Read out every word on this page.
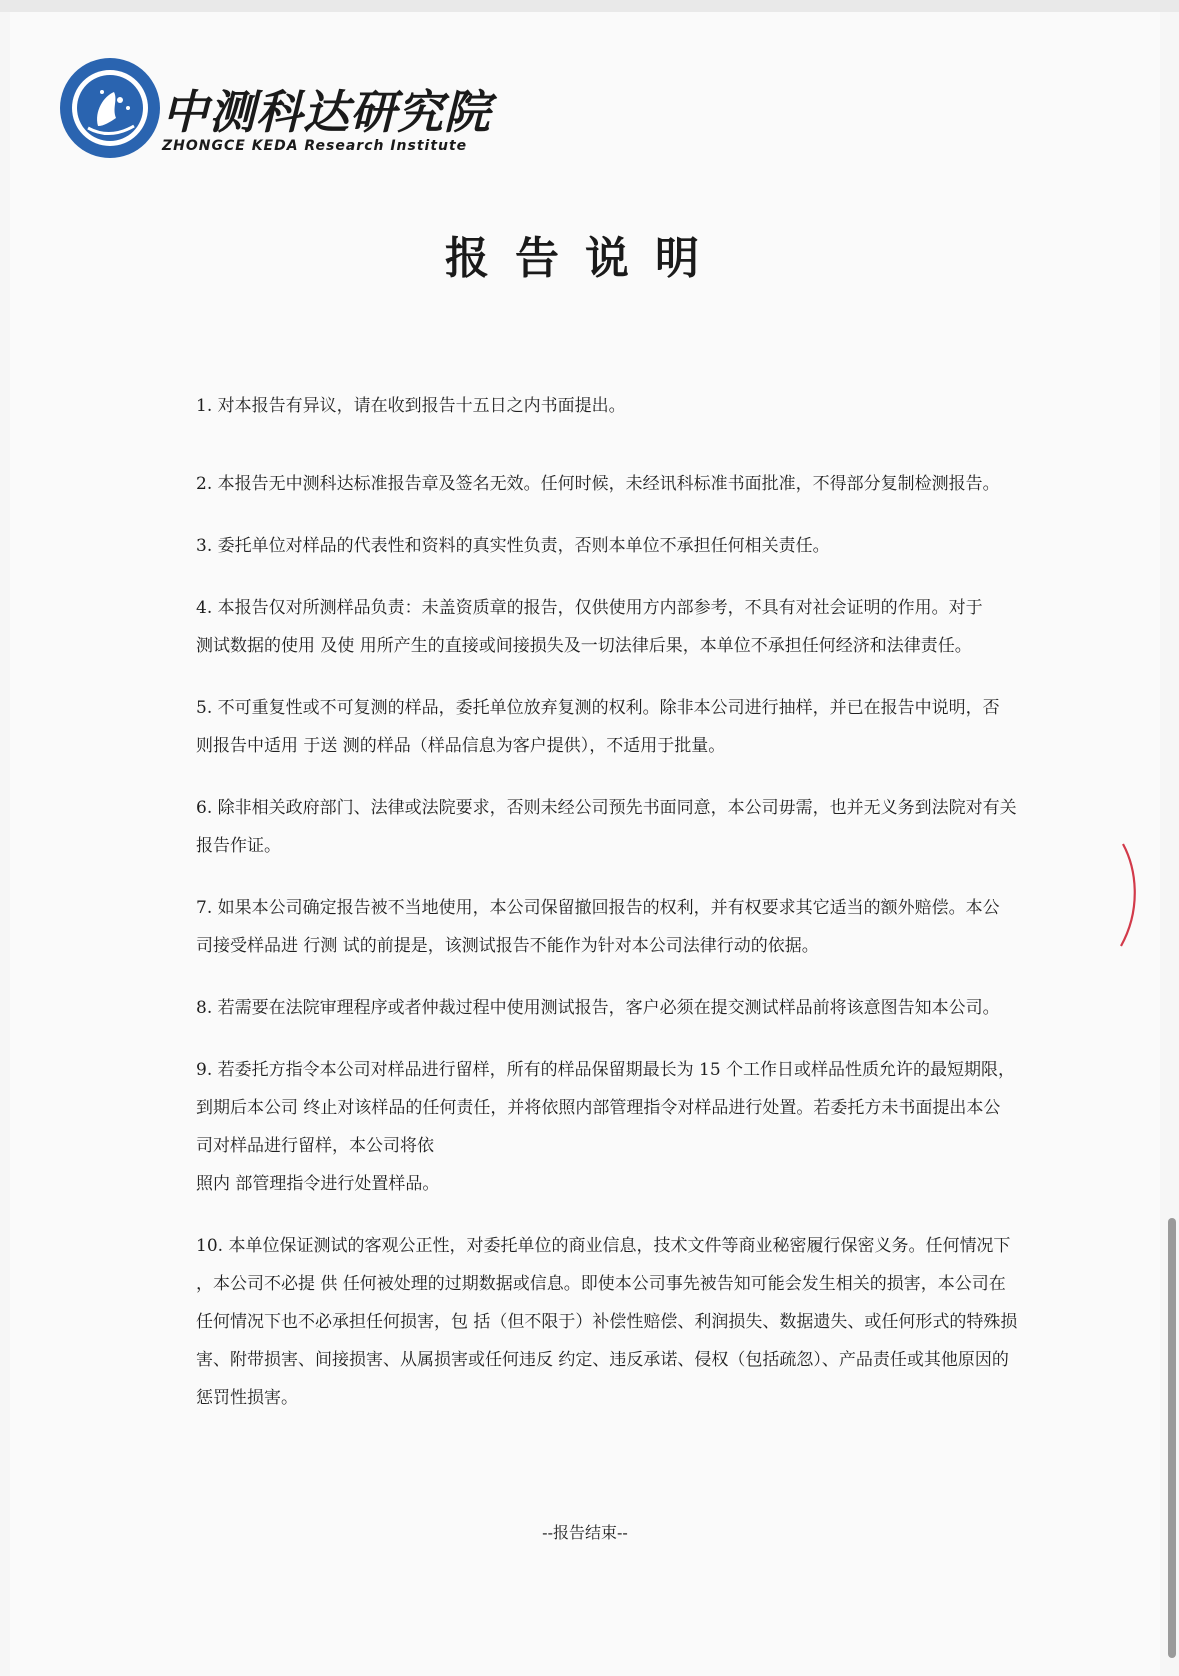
中测科达研究院
ZHONGCE KEDA Research Institute
报告说明
1. 对本报告有异议，请在收到报告十五日之内书面提出。
2. 本报告无中测科达标准报告章及签名无效。任何时候，未经讯科标准书面批准，不得部分复制检测报告。
3. 委托单位对样品的代表性和资料的真实性负责，否则本单位不承担任何相关责任。
4. 本报告仅对所测样品负责：未盖资质章的报告，仅供使用方内部参考，不具有对社会证明的作用。对于
测试数据的使用 及使 用所产生的直接或间接损失及一切法律后果，本单位不承担任何经济和法律责任。
5. 不可重复性或不可复测的样品，委托单位放弃复测的权利。除非本公司进行抽样，并已在报告中说明，否
则报告中适用 于送 测的样品（样品信息为客户提供），不适用于批量。
6. 除非相关政府部门、法律或法院要求，否则未经公司预先书面同意，本公司毋需，也并无义务到法院对有关
报告作证。
7. 如果本公司确定报告被不当地使用，本公司保留撤回报告的权利，并有权要求其它适当的额外赔偿。本公
司接受样品进 行测 试的前提是，该测试报告不能作为针对本公司法律行动的依据。
8. 若需要在法院审理程序或者仲裁过程中使用测试报告，客户必须在提交测试样品前将该意图告知本公司。
9. 若委托方指令本公司对样品进行留样，所有的样品保留期最长为 15 个工作日或样品性质允许的最短期限，
到期后本公司 终止对该样品的任何责任，并将依照内部管理指令对样品进行处置。若委托方未书面提出本公
司对样品进行留样，本公司将依
照内 部管理指令进行处置样品。
10. 本单位保证测试的客观公正性，对委托单位的商业信息，技术文件等商业秘密履行保密义务。任何情况下
，本公司不必提 供 任何被处理的过期数据或信息。即使本公司事先被告知可能会发生相关的损害，本公司在
任何情况下也不必承担任何损害，包 括（但不限于）补偿性赔偿、利润损失、数据遗失、或任何形式的特殊损
害、附带损害、间接损害、从属损害或任何违反 约定、违反承诺、侵权（包括疏忽）、产品责任或其他原因的
惩罚性损害。
--报告结束--
